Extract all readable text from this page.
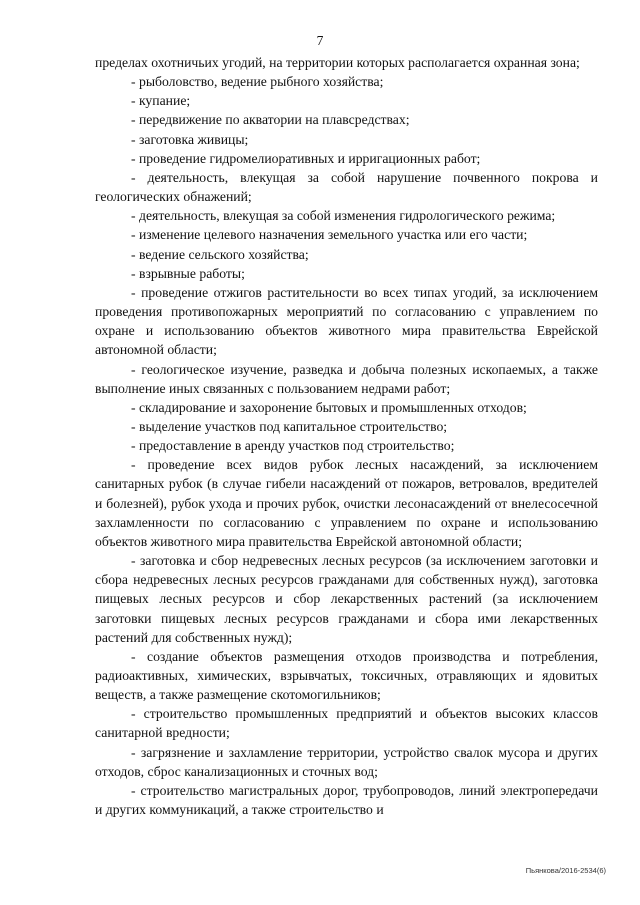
7

пределах охотничьих угодий, на территории которых располагается охранная зона;

- рыболовство, ведение рыбного хозяйства;

- купание;

- передвижение по акватории на плавсредствах;

- заготовка живицы;

- проведение гидромелиоративных и ирригационных работ;

- деятельность, влекущая за собой нарушение почвенного покрова и геологических обнажений;

- деятельность, влекущая за собой изменения гидрологического режима;

- изменение целевого назначения земельного участка или его части;

- ведение сельского хозяйства;

- взрывные работы;

- проведение отжигов растительности во всех типах угодий, за исключением проведения противопожарных мероприятий по согласованию с управлением по охране и использованию объектов животного мира правительства Еврейской автономной области;

- геологическое изучение, разведка и добыча полезных ископаемых, а также выполнение иных связанных с пользованием недрами работ;

- складирование и захоронение бытовых и промышленных отходов;

- выделение участков под капитальное строительство;

- предоставление в аренду участков под строительство;

- проведение всех видов рубок лесных насаждений, за исключением санитарных рубок (в случае гибели насаждений от пожаров, ветровалов, вредителей и болезней), рубок ухода и прочих рубок, очистки лесонасаждений от внелесосечной захламленности по согласованию с управлением по охране и использованию объектов животного мира правительства Еврейской автономной области;

- заготовка и сбор недревесных лесных ресурсов (за исключением заготовки и сбора недревесных лесных ресурсов гражданами для собственных нужд), заготовка пищевых лесных ресурсов и сбор лекарственных растений (за исключением заготовки пищевых лесных ресурсов гражданами и сбора ими лекарственных растений для собственных нужд);

- создание объектов размещения отходов производства и потребления, радиоактивных, химических, взрывчатых, токсичных, отравляющих и ядовитых веществ, а также размещение скотомогильников;

- строительство промышленных предприятий и объектов высоких классов санитарной вредности;

- загрязнение и захламление территории, устройство свалок мусора и других отходов, сброс канализационных и сточных вод;

- строительство магистральных дорог, трубопроводов, линий электропередачи и других коммуникаций, а также строительство и

Пьянкова/2016-2534(6)
